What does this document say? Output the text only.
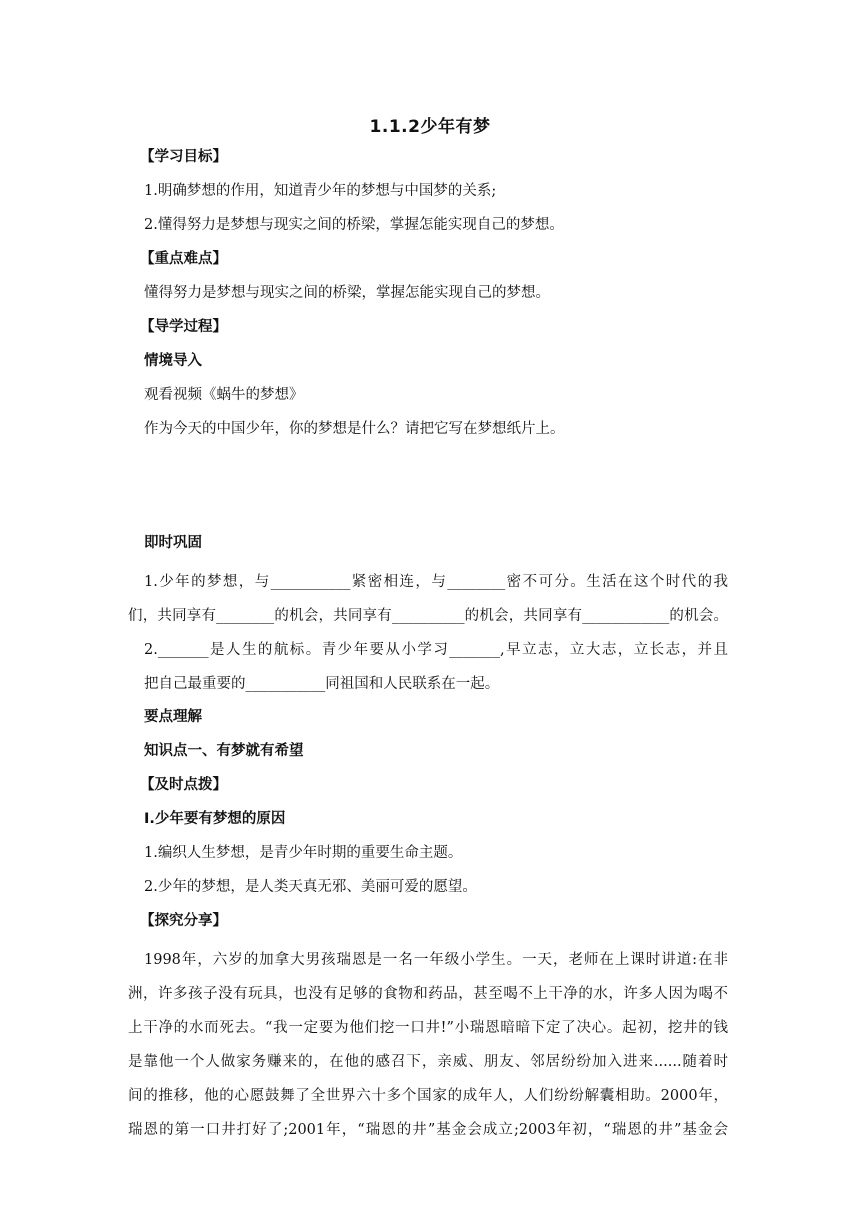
1.1.2少年有梦
【学习目标】
1.明确梦想的作用，知道青少年的梦想与中国梦的关系;
2.懂得努力是梦想与现实之间的桥梁，掌握怎能实现自己的梦想。
【重点难点】
懂得努力是梦想与现实之间的桥梁，掌握怎能实现自己的梦想。
【导学过程】
情境导入
观看视频《蜗牛的梦想》
作为今天的中国少年，你的梦想是什么？请把它写在梦想纸片上。
即时巩固
1.少年的梦想，与___________紧密相连，与________密不可分。生活在这个时代的我
们，共同享有________的机会，共同享有__________的机会，共同享有____________的机会。
2._______是人生的航标。青少年要从小学习_______,早立志，立大志，立长志，并且
把自己最重要的___________同祖国和人民联系在一起。
要点理解
知识点一、有梦就有希望
【及时点拨】
Ⅰ.少年要有梦想的原因
1.编织人生梦想，是青少年时期的重要生命主题。
2.少年的梦想，是人类天真无邪、美丽可爱的愿望。
【探究分享】
1998年，六岁的加拿大男孩瑞恩是一名一年级小学生。一天，老师在上课时讲道:在非
洲，许多孩子没有玩具，也没有足够的食物和药品，甚至喝不上干净的水，许多人因为喝不
上干净的水而死去。“我一定要为他们挖一口井!”小瑞恩暗暗下定了决心。起初，挖井的钱
是靠他一个人做家务赚来的，在他的感召下，亲威、朋友、邻居纷纷加入进来......随着时
间的推移，他的心愿鼓舞了全世界六十多个国家的成年人，人们纷纷解囊相助。2000年，
瑞恩的第一口井打好了;2001年，“瑞恩的井”基金会成立;2003年初，“瑞恩的井”基金会
